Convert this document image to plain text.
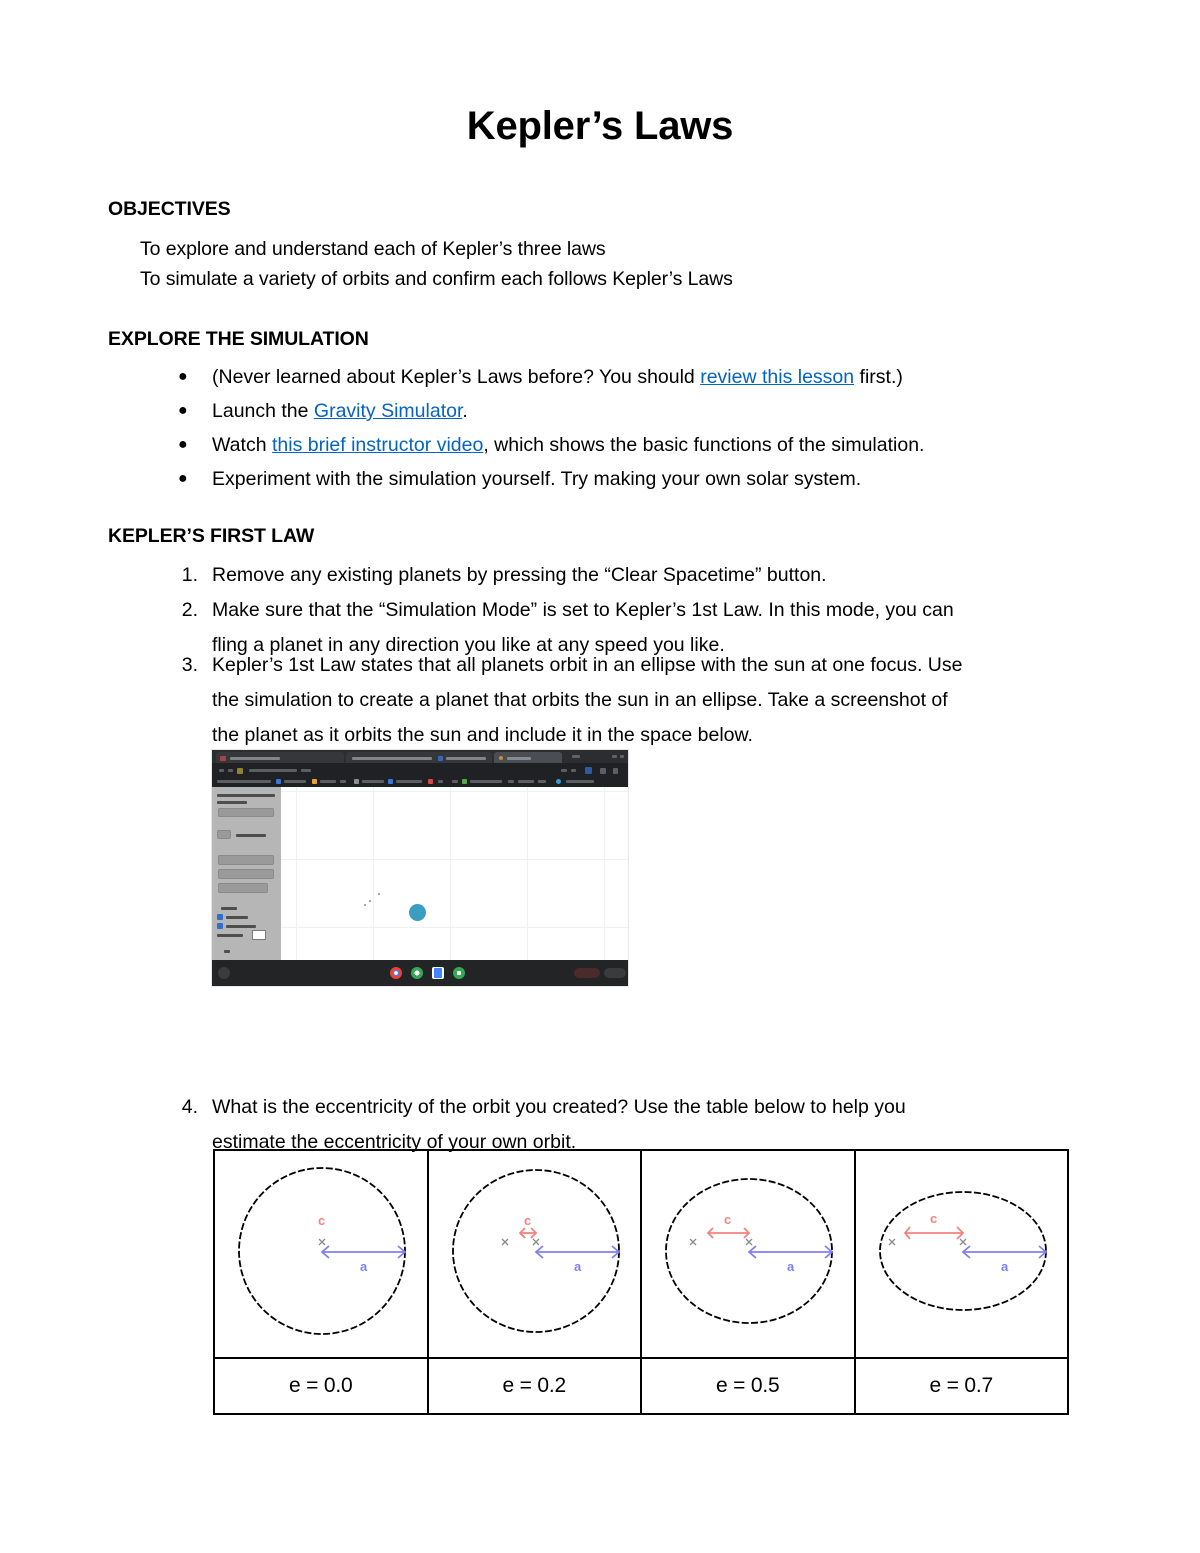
Kepler’s Laws
OBJECTIVES
To explore and understand each of Kepler’s three laws
To simulate a variety of orbits and confirm each follows Kepler’s Laws
EXPLORE THE SIMULATION
● (Never learned about Kepler’s Laws before? You should review this lesson first.)
● Launch the Gravity Simulator.
● Watch this brief instructor video, which shows the basic functions of the simulation.
● Experiment with the simulation yourself. Try making your own solar system.
KEPLER’S FIRST LAW
1. Remove any existing planets by pressing the “Clear Spacetime” button.
2. Make sure that the “Simulation Mode” is set to Kepler’s 1st Law. In this mode, you can
fling a planet in any direction you like at any speed you like.
3. Kepler’s 1st Law states that all planets orbit in an ellipse with the sun at one focus. Use
the simulation to create a planet that orbits the sun in an ellipse. Take a screenshot of
the planet as it orbits the sun and include it in the space below.
4. What is the eccentricity of the orbit you created? Use the table below to help you
estimate the eccentricity of your own orbit.
c
a	c
a	c
a	c
a

e = 0.0	e = 0.2	e = 0.5	e = 0.7
